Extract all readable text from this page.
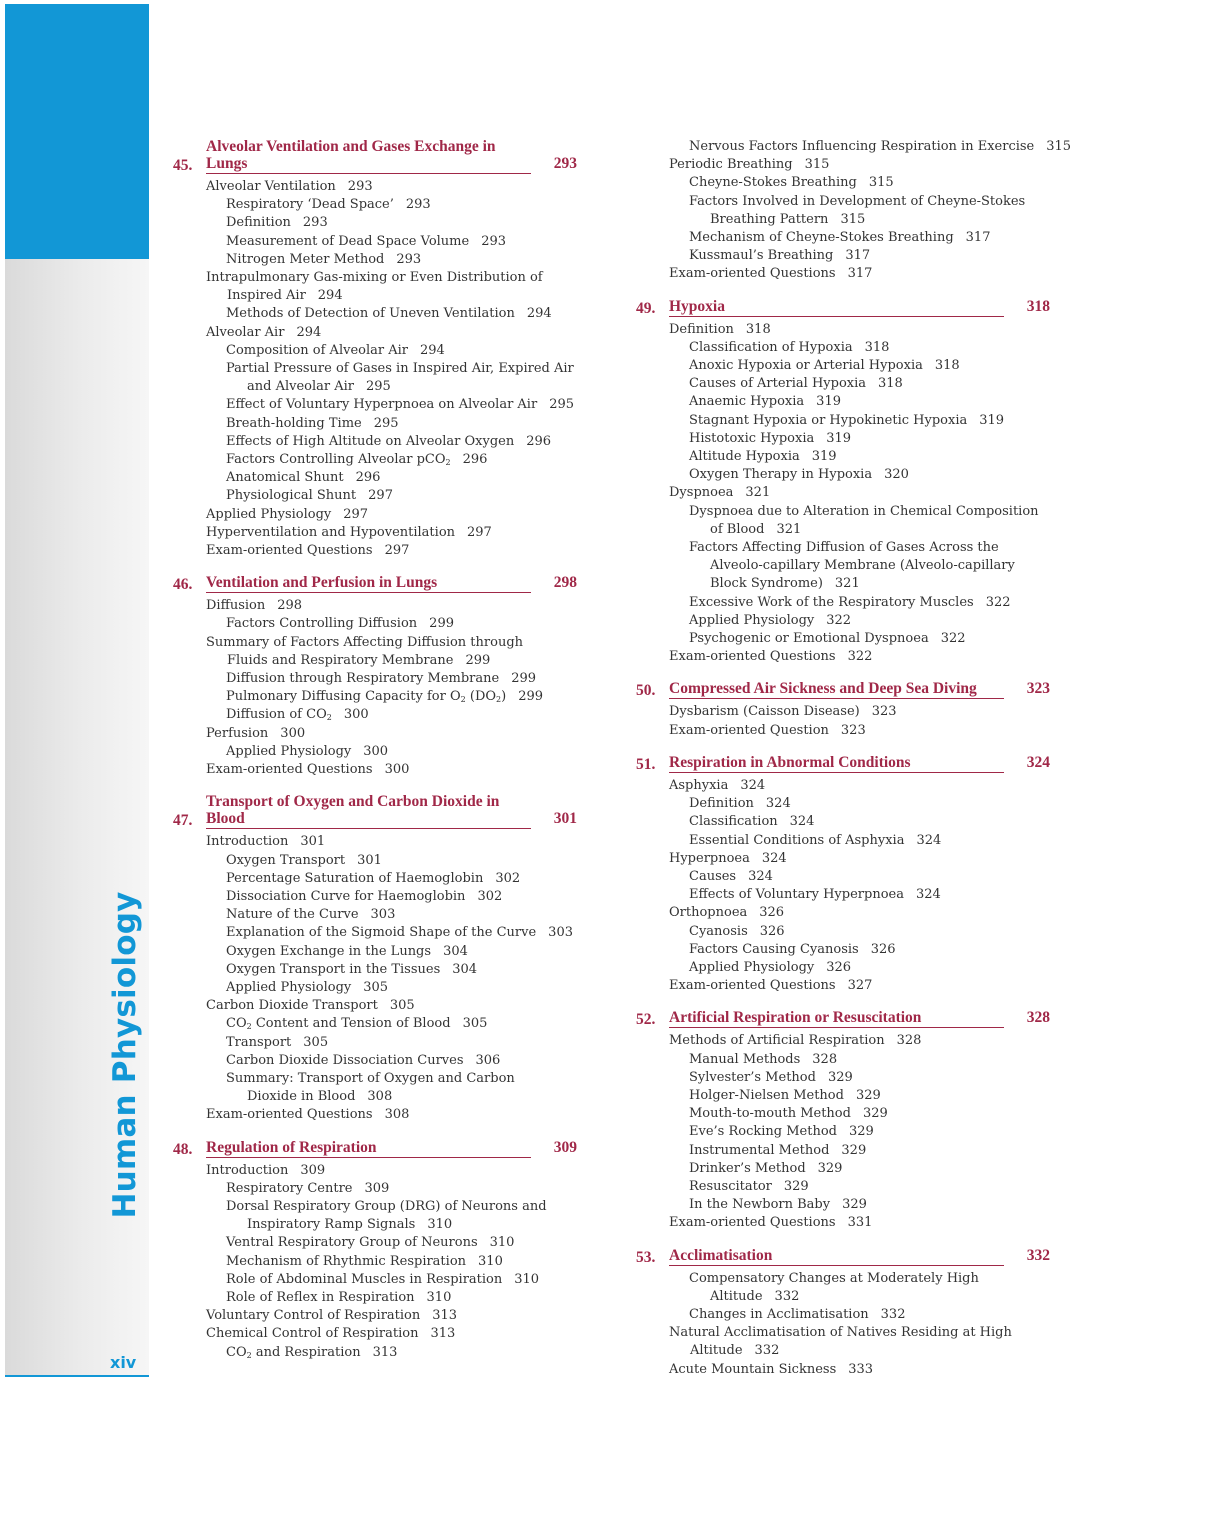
Human Physiology
xiv
45.
Alveolar Ventilation and Gases Exchange in Lungs	293
Alveolar Ventilation 293
Respiratory ‘Dead Space’ 293
Definition 293
Measurement of Dead Space Volume 293
Nitrogen Meter Method 293
Intrapulmonary Gas-mixing or Even Distribution of
Inspired Air 294
Methods of Detection of Uneven Ventilation 294
Alveolar Air 294
Composition of Alveolar Air 294
Partial Pressure of Gases in Inspired Air, Expired Air
and Alveolar Air 295
Effect of Voluntary Hyperpnoea on Alveolar Air 295
Breath-holding Time 295
Effects of High Altitude on Alveolar Oxygen 296
Factors Controlling Alveolar pCO$_2$ 296
Anatomical Shunt 296
Physiological Shunt 297
Applied Physiology 297
Hyperventilation and Hypoventilation 297
Exam-oriented Questions 297
46. Ventilation and Perfusion in Lungs	298
Diffusion 298
Factors Controlling Diffusion 299
Summary of Factors Affecting Diffusion through
Fluids and Respiratory Membrane 299
Diffusion through Respiratory Membrane 299
Pulmonary Diffusing Capacity for $O_2$ $(DO_2)$ 299
Diffusion of $CO_2$ 300
Perfusion 300
Applied Physiology 300
Exam-oriented Questions 300
47.
Transport of Oxygen and Carbon Dioxide in Blood	301
Introduction 301
Oxygen Transport 301
Percentage Saturation of Haemoglobin 302
Dissociation Curve for Haemoglobin 302
Nature of the Curve 303
Explanation of the Sigmoid Shape of the Curve 303
Oxygen Exchange in the Lungs 304
Oxygen Transport in the Tissues 304
Applied Physiology 305
Carbon Dioxide Transport 305
$CO_2$ Content and Tension of Blood 305
Transport 305
Carbon Dioxide Dissociation Curves 306
Summary: Transport of Oxygen and Carbon
Dioxide in Blood 308
Exam-oriented Questions 308
48. Regulation of Respiration	309
Introduction 309
Respiratory Centre 309
Dorsal Respiratory Group (DRG) of Neurons and
Inspiratory Ramp Signals 310
Ventral Respiratory Group of Neurons 310
Mechanism of Rhythmic Respiration 310
Role of Abdominal Muscles in Respiration 310
Role of Reflex in Respiration 310
Voluntary Control of Respiration 313
Chemical Control of Respiration 313
$CO_2$ and Respiration 313
Nervous Factors Influencing Respiration in Exercise 315
Periodic Breathing 315
Cheyne-Stokes Breathing 315
Factors Involved in Development of Cheyne-Stokes
Breathing Pattern 315
Mechanism of Cheyne-Stokes Breathing 317
Kussmaul’s Breathing 317
Exam-oriented Questions 317
49. Hypoxia	318
Definition 318
Classification of Hypoxia 318
Anoxic Hypoxia or Arterial Hypoxia 318
Causes of Arterial Hypoxia 318
Anaemic Hypoxia 319
Stagnant Hypoxia or Hypokinetic Hypoxia 319
Histotoxic Hypoxia 319
Altitude Hypoxia 319
Oxygen Therapy in Hypoxia 320
Dyspnoea 321
Dyspnoea due to Alteration in Chemical Composition
of Blood 321
Factors Affecting Diffusion of Gases Across the
Alveolo-capillary Membrane (Alveolo-capillary
Block Syndrome) 321
Excessive Work of the Respiratory Muscles 322
Applied Physiology 322
Psychogenic or Emotional Dyspnoea 322
Exam-oriented Questions 322
50. Compressed Air Sickness and Deep Sea Diving	323
Dysbarism (Caisson Disease) 323
Exam-oriented Question 323
51. Respiration in Abnormal Conditions	324
Asphyxia 324
Definition 324
Classification 324
Essential Conditions of Asphyxia 324
Hyperpnoea 324
Causes 324
Effects of Voluntary Hyperpnoea 324
Orthopnoea 326
Cyanosis 326
Factors Causing Cyanosis 326
Applied Physiology 326
Exam-oriented Questions 327
52. Artificial Respiration or Resuscitation	328
Methods of Artificial Respiration 328
Manual Methods 328
Sylvester’s Method 329
Holger-Nielsen Method 329
Mouth-to-mouth Method 329
Eve’s Rocking Method 329
Instrumental Method 329
Drinker’s Method 329
Resuscitator 329
In the Newborn Baby 329
Exam-oriented Questions 331
53. Acclimatisation	332
Compensatory Changes at Moderately High
Altitude 332
Changes in Acclimatisation 332
Natural Acclimatisation of Natives Residing at High
Altitude 332
Acute Mountain Sickness 333
